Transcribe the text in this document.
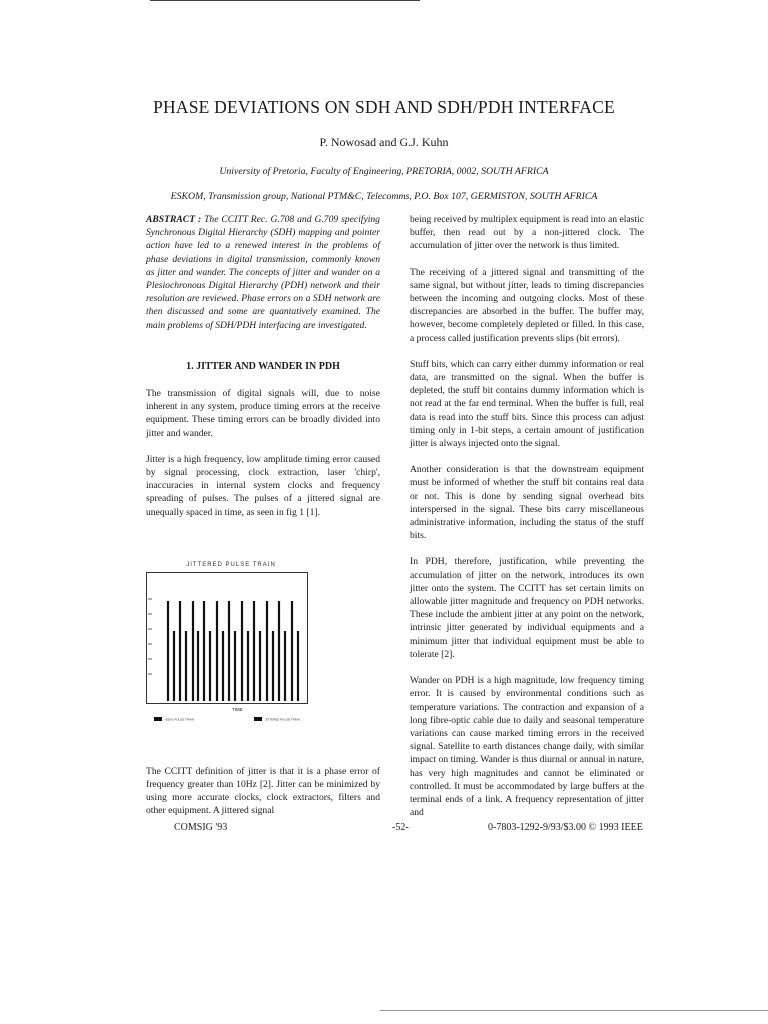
PHASE DEVIATIONS ON SDH AND SDH/PDH INTERFACE
P. Nowosad and G.J. Kuhn
University of Pretoria, Faculty of Engineering, PRETORIA, 0002, SOUTH AFRICA
ESKOM, Transmission group, National PTM&C, Telecomms, P.O. Box 107, GERMISTON, SOUTH AFRICA

ABSTRACT : The CCITT Rec. G.708 and G.709 specifying Synchronous Digital Hierarchy (SDH) mapping and pointer action have led to a renewed interest in the problems of phase deviations in digital transmission, commonly known as jitter and wander. The concepts of jitter and wander on a Plesiochronous Digital Hierarchy (PDH) network and their resolution are reviewed. Phase errors on a SDH network are then discussed and some are quantatively examined. The main problems of SDH/PDH interfacing are investigated.

1. JITTER AND WANDER IN PDH

The transmission of digital signals will, due to noise inherent in any system, produce timing errors at the receive equipment. These timing errors can be broadly divided into jitter and wander.

Jitter is a high frequency, low amplitude timing error caused by signal processing, clock extraction, laser 'chirp', inaccuracies in internal system clocks and frequency spreading of pulses. The pulses of a jittered signal are unequally spaced in time, as seen in fig 1 [1].

JITTERED PULSE TRAIN
TIME
IDEAL PULSE TRAIN	JITTERED PULSE TRAIN

The CCITT definition of jitter is that it is a phase error of frequency greater than 10Hz [2]. Jitter can be minimized by using more accurate clocks, clock extractors, filters and other equipment. A jittered signal

being received by multiplex equipment is read into an elastic buffer, then read out by a non-jittered clock. The accumulation of jitter over the network is thus limited.

The receiving of a jittered signal and transmitting of the same signal, but without jitter, leads to timing discrepancies between the incoming and outgoing clocks. Most of these discrepancies are absorbed in the buffer. The buffer may, however, become completely depleted or filled. In this case, a process called justification prevents slips (bit errors).

Stuff bits, which can carry either dummy information or real data, are transmitted on the signal. When the buffer is depleted, the stuff bit contains dummy information which is not read at the far end terminal. When the buffer is full, real data is read into the stuff bits. Since this process can adjust timing only in 1-bit steps, a certain amount of justification jitter is always injected onto the signal.

Another consideration is that the downstream equipment must be informed of whether the stuff bit contains real data or not. This is done by sending signal overhead bits interspersed in the signal. These bits carry miscellaneous administrative information, including the status of the stuff bits.

In PDH, therefore, justification, while preventing the accumulation of jitter on the network, introduces its own jitter onto the system. The CCITT has set certain limits on allowable jitter magnitude and frequency on PDH networks. These include the ambient jitter at any point on the network, intrinsic jitter generated by individual equipments and a minimum jitter that individual equipment must be able to tolerate [2].

Wander on PDH is a high magnitude, low frequency timing error. It is caused by environmental conditions such as temperature variations. The contraction and expansion of a long fibre-optic cable due to daily and seasonal temperature variations can cause marked timing errors in the received signal. Satellite to earth distances change daily, with similar impact on timing. Wander is thus diurnal or annual in nature, has very high magnitudes and cannot be eliminated or controlled. It must be accommodated by large buffers at the terminal ends of a link. A frequency representation of jitter and

COMSIG '93	-52-	0-7803-1292-9/93/$3.00 © 1993 IEEE
